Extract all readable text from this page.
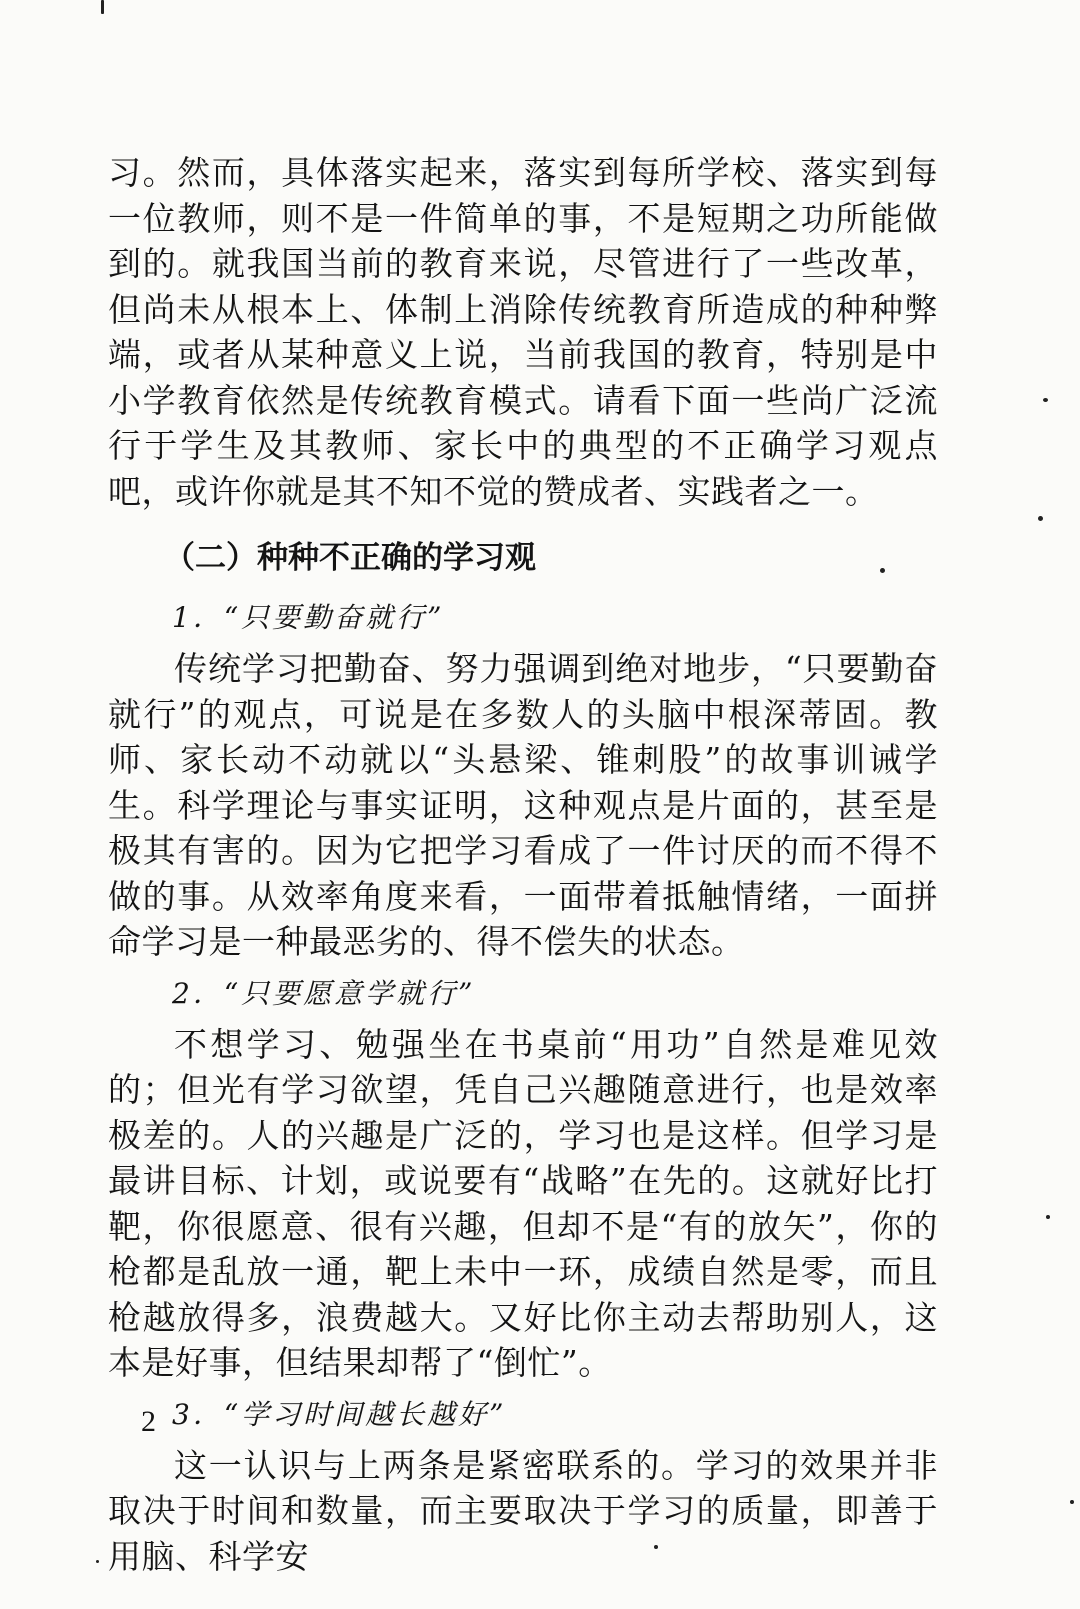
习。然而，具体落实起来，落实到每所学校、落实到每一位教师，则不是一件简单的事，不是短期之功所能做到的。就我国当前的教育来说，尽管进行了一些改革，但尚未从根本上、体制上消除传统教育所造成的种种弊端，或者从某种意义上说，当前我国的教育，特别是中小学教育依然是传统教育模式。请看下面一些尚广泛流行于学生及其教师、家长中的典型的不正确学习观点吧，或许你就是其不知不觉的赞成者、实践者之一。

（二）种种不正确的学习观
1．“只要勤奋就行”

传统学习把勤奋、努力强调到绝对地步，“只要勤奋就行”的观点，可说是在多数人的头脑中根深蒂固。教师、家长动不动就以“头悬梁、锥刺股”的故事训诫学生。科学理论与事实证明，这种观点是片面的，甚至是极其有害的。因为它把学习看成了一件讨厌的而不得不做的事。从效率角度来看，一面带着抵触情绪，一面拼命学习是一种最恶劣的、得不偿失的状态。

2．“只要愿意学就行”

不想学习、勉强坐在书桌前“用功”自然是难见效的；但光有学习欲望，凭自己兴趣随意进行，也是效率极差的。人的兴趣是广泛的，学习也是这样。但学习是最讲目标、计划，或说要有“战略”在先的。这就好比打靶，你很愿意、很有兴趣，但却不是“有的放矢”，你的枪都是乱放一通，靶上未中一环，成绩自然是零，而且枪越放得多，浪费越大。又好比你主动去帮助别人，这本是好事，但结果却帮了“倒忙”。

3．“学习时间越长越好”

这一认识与上两条是紧密联系的。学习的效果并非取决于时间和数量，而主要取决于学习的质量，即善于用脑、科学安

2
